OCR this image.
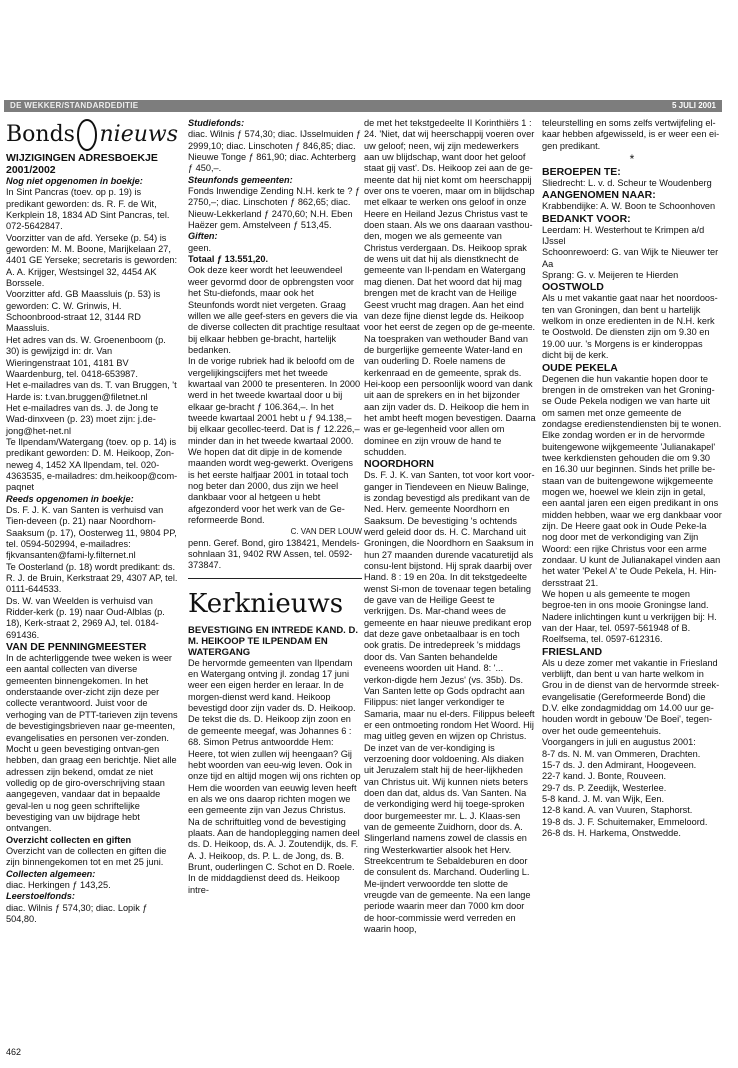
DE WEKKER/STANDARDEDITIE	5 JULI 2001
Bonds nieuws

WIJZIGINGEN ADRESBOEKJE 2001/2002

Nog niet opgenomen in boekje:

In Sint Pancras (toev. op p. 19) is predikant geworden: ds. R. F. de Wit, Kerkplein 18, 1834 AD Sint Pancras, tel. 072-5642847.

Voorzitter van de afd. Yerseke (p. 54) is geworden: M. M. Boone, Marijkelaan 27, 4401 GE Yerseke; secretaris is geworden: A. A. Krijger, Westsingel 32, 4454 AK Borssele.

Voorzitter afd. GB Maassluis (p. 53) is geworden: C. W. Grinwis, H. Schoonbrood-straat 12, 3144 RD Maassluis.

Het adres van ds. W. Groenenboom (p. 30) is gewijzigd in: dr. Van Wieringenstraat 101, 4181 BV Waardenburg, tel. 0418-653987.

Het e-mailadres van ds. T. van Bruggen, 't Harde is: t.van.bruggen@filetnet.nl

Het e-mailadres van ds. J. de Jong te Wad-dinxveen (p. 23) moet zijn: j.de-jong@het-net.nl

Te Ilpendam/Watergang (toev. op p. 14) is predikant geworden: D. M. Heikoop, Zon-neweg 4, 1452 XA Ilpendam, tel. 020-4363535, e-mailadres: dm.heikoop@com-paqnet

Reeds opgenomen in boekje:

Ds. F. J. K. van Santen is verhuisd van Tien-deveen (p. 21) naar Noordhorn-Saaksum (p. 17), Oosterweg 11, 9804 PP, tel. 0594-502994, e-mailadres: fjkvansanten@fami-ly.filternet.nl

Te Oosterland (p. 18) wordt predikant: ds. R. J. de Bruin, Kerkstraat 29, 4307 AP, tel. 0111-644533.

Ds. W. van Weelden is verhuisd van Ridder-kerk (p. 19) naar Oud-Alblas (p. 18), Kerk-straat 2, 2969 AJ, tel. 0184-691436.

VAN DE PENNINGMEESTER

In de achterliggende twee weken is weer een aantal collecten van diverse gemeenten binnengekomen. In het onderstaande over-zicht zijn deze per collecte verantwoord. Juist voor de verhoging van de PTT-tarieven zijn tevens de bevestigingsbrieven naar ge-meenten, evangelisaties en personen ver-zonden. Mocht u geen bevestiging ontvan-gen hebben, dan graag een berichtje. Niet alle adressen zijn bekend, omdat ze niet volledig op de giro-overschrijving staan aangegeven, vandaar dat in bepaalde geval-len u nog geen schriftelijke bevestiging van uw bijdrage hebt ontvangen.

Overzicht collecten en giften

Overzicht van de collecten en giften die zijn binnengekomen tot en met 25 juni.

Collecten algemeen:

diac. Herkingen ƒ 143,25.

Leerstoelfonds:

diac. Wilnis ƒ 574,30; diac. Lopik ƒ 504,80.

Studiefonds:

diac. Wilnis ƒ 574,30; diac. IJsselmuiden ƒ 2999,10; diac. Linschoten ƒ 846,85; diac. Nieuwe Tonge ƒ 861,90; diac. Achterberg ƒ 450,–.

Steunfonds gemeenten:

Fonds Inwendige Zending N.H. kerk te ? ƒ 2750,–; diac. Linschoten ƒ 862,65; diac. Nieuw-Lekkerland ƒ 2470,60; N.H. Eben Haëzer gem. Amstelveen ƒ 513,45.

Giften:

geen.

Totaal ƒ 13.551,20.

Ook deze keer wordt het leeuwendeel weer gevormd door de opbrengsten voor het Stu-diefonds, maar ook het Steunfonds wordt niet vergeten. Graag willen we alle geef-sters en gevers die via de diverse collecten dit prachtige resultaat bij elkaar hebben ge-bracht, hartelijk bedanken.

In de vorige rubriek had ik beloofd om de vergelijkingscijfers met het tweede kwartaal van 2000 te presenteren. In 2000 werd in het tweede kwartaal door u bij elkaar ge-bracht ƒ 106.364,–. In het tweede kwartaal 2001 hebt u ƒ 94.138,– bij elkaar gecollec-teerd. Dat is ƒ 12.226,– minder dan in het tweede kwartaal 2000. We hopen dat dit dipje in de komende maanden wordt weg-gewerkt. Overigens is het eerste halfjaar 2001 in totaal toch nog beter dan 2000, dus zijn we heel dankbaar voor al hetgeen u hebt afgezonderd voor het werk van de Ge-reformeerde Bond.

C. VAN DER LOUW

penn. Geref. Bond, giro 138421, Mendels-sohnlaan 31, 9402 RW Assen, tel. 0592-373847.

Kerknieuws

BEVESTIGING EN INTREDE KAND. D. M. HEIKOOP TE ILPENDAM EN WATERGANG

De hervormde gemeenten van Ilpendam en Watergang ontving jl. zondag 17 juni weer een eigen herder en leraar. In de morgen-dienst werd kand. Heikoop bevestigd door zijn vader ds. D. Heikoop. De tekst die ds. D. Heikoop zijn zoon en de gemeente meegaf, was Johannes 6 : 68. Simon Petrus antwoordde Hem: Heere, tot wien zullen wij heengaan? Gij hebt woorden van eeu-wig leven. Ook in onze tijd en altijd mogen wij ons richten op Hem die woorden van eeuwig leven heeft en als we ons daarop richten mogen we een gemeente zijn van Jezus Christus.

Na de schriftuitleg vond de bevestiging plaats. Aan de handoplegging namen deel ds. D. Heikoop, ds. A. J. Zoutendijk, ds. F. A. J. Heikoop, ds. P. L. de Jong, ds. B. Brunt, ouderlingen C. Schot en D. Roele. In de middagdienst deed ds. Heikoop intre-

de met het tekstgedeelte II Korinthiërs 1 : 24. 'Niet, dat wij heerschappij voeren over uw geloof; neen, wij zijn medewerkers aan uw blijdschap, want door het geloof staat gij vast'. Ds. Heikoop zei aan de ge-meente dat hij niet komt om heerschappij over ons te voeren, maar om in blijdschap met elkaar te werken ons geloof in onze Heere en Heiland Jezus Christus vast te doen staan. Als we ons daaraan vasthou-den, mogen we als gemeente van Christus verdergaan. Ds. Heikoop sprak de wens uit dat hij als dienstknecht de gemeente van Il-pendam en Watergang mag dienen. Dat het woord dat hij mag brengen met de kracht van de Heilige Geest vrucht mag dragen. Aan het eind van deze fijne dienst legde ds. Heikoop voor het eerst de zegen op de ge-meente. Na toespraken van wethouder Band van de burgerlijke gemeente Water-land en van ouderling D. Roele namens de kerkenraad en de gemeente, sprak ds. Hei-koop een persoonlijk woord van dank uit aan de sprekers en in het bijzonder aan zijn vader ds. D. Heikoop die hem in het ambt heeft mogen bevestigen. Daarna was er ge-legenheid voor allen om dominee en zijn vrouw de hand te schudden.

NOORDHORN

Ds. F. J. K. van Santen, tot voor kort voor-ganger in Tiendeveen en Nieuw Balinge, is zondag bevestigd als predikant van de Ned. Herv. gemeente Noordhorn en Saaksum. De bevestiging 's ochtends werd geleid door ds. H. C. Marchand uit Groningen, die Noordhorn en Saaksum in hun 27 maanden durende vacaturetijd als consu-lent bijstond. Hij sprak daarbij over Hand. 8 : 19 en 20a. In dit tekstgedeelte wenst Si-mon de tovenaar tegen betaling de gave van de Heilige Geest te verkrijgen. Ds. Mar-chand wees de gemeente en haar nieuwe predikant erop dat deze gave onbetaalbaar is en toch ook gratis. De intredepreek 's middags door ds. Van Santen behandelde eveneens woorden uit Hand. 8: '... verkon-digde hem Jezus' (vs. 35b). Ds. Van Santen lette op Gods opdracht aan Filippus: niet langer verkondiger te Samaria, maar nu el-ders. Filippus beleeft er een ontmoeting rondom Het Woord. Hij mag uitleg geven en wijzen op Christus. De inzet van de ver-kondiging is verzoening door voldoening. Als diaken uit Jeruzalem stalt hij de heer-lijkheden van Christus uit. Wij kunnen niets beters doen dan dat, aldus ds. Van Santen. Na de verkondiging werd hij toege-sproken door burgemeester mr. L. J. Klaas-sen van de gemeente Zuidhorn, door ds. A. Slingerland namens zowel de classis en ring Westerkwartier alsook het Herv. Streekcentrum te Sebaldeburen en door de consulent ds. Marchand. Ouderling L. Me-ijndert verwoordde ten slotte de vreugde van de gemeente. Na een lange periode waarin meer dan 7000 km door de hoor-commissie werd verreden en waarin hoop,

teleurstelling en soms zelfs vertwijfeling el-kaar hebben afgewisseld, is er weer een ei-gen predikant.

*

BEROEPEN TE:

Sliedrecht: L. v. d. Scheur te Woudenberg

AANGENOMEN NAAR:

Krabbendijke: A. W. Boon te Schoonhoven

BEDANKT VOOR:

Leerdam: H. Westerhout te Krimpen a/d IJssel

Schoonrewoerd: G. van Wijk te Nieuwer ter Aa

Sprang: G. v. Meijeren te Hierden

OOSTWOLD

Als u met vakantie gaat naar het noordoos-ten van Groningen, dan bent u hartelijk welkom in onze eredienten in de N.H. kerk te Oostwold. De diensten zijn om 9.30 en 19.00 uur. 's Morgens is er kinderoppas dicht bij de kerk.

OUDE PEKELA

Degenen die hun vakantie hopen door te brengen in de omstreken van het Groning-se Oude Pekela nodigen we van harte uit om samen met onze gemeente de zondagse eredienstendiensten bij te wonen.

Elke zondag worden er in de hervormde buitengewone wijkgemeente 'Julianakapel' twee kerkdiensten gehouden die om 9.30 en 16.30 uur beginnen. Sinds het prille be-staan van de buitengewone wijkgemeente mogen we, hoewel we klein zijn in getal, een aantal jaren een eigen predikant in ons midden hebben, waar we erg dankbaar voor zijn. De Heere gaat ook in Oude Peke-la nog door met de verkondiging van Zijn Woord: een rijke Christus voor een arme zondaar. U kunt de Julianakapel vinden aan het water 'Pekel A' te Oude Pekela, H. Hin-dersstraat 21.

We hopen u als gemeente te mogen begroe-ten in ons mooie Groningse land.

Nadere inlichtingen kunt u verkrijgen bij: H. van der Haar, tel. 0597-561948 of B. Roelfsema, tel. 0597-612316.

FRIESLAND

Als u deze zomer met vakantie in Friesland verblijft, dan bent u van harte welkom in Grou in de dienst van de hervormde streek-evangelisatie (Gereformeerde Bond) die D.V. elke zondagmiddag om 14.00 uur ge-houden wordt in gebouw 'De Boei', tegen-over het oude gemeentehuis.

Voorgangers in juli en augustus 2001:

8-7 ds. N. M. van Ommeren, Drachten.

15-7 ds. J. den Admirant, Hoogeveen.

22-7 kand. J. Bonte, Rouveen.

29-7 ds. P. Zeedijk, Westerlee.

5-8 kand. J. M. van Wijk, Een.

12-8 kand. A. van Vuuren, Staphorst.

19-8 ds. J. F. Schuitemaker, Emmeloord.

26-8 ds. H. Harkema, Onstwedde.

462
